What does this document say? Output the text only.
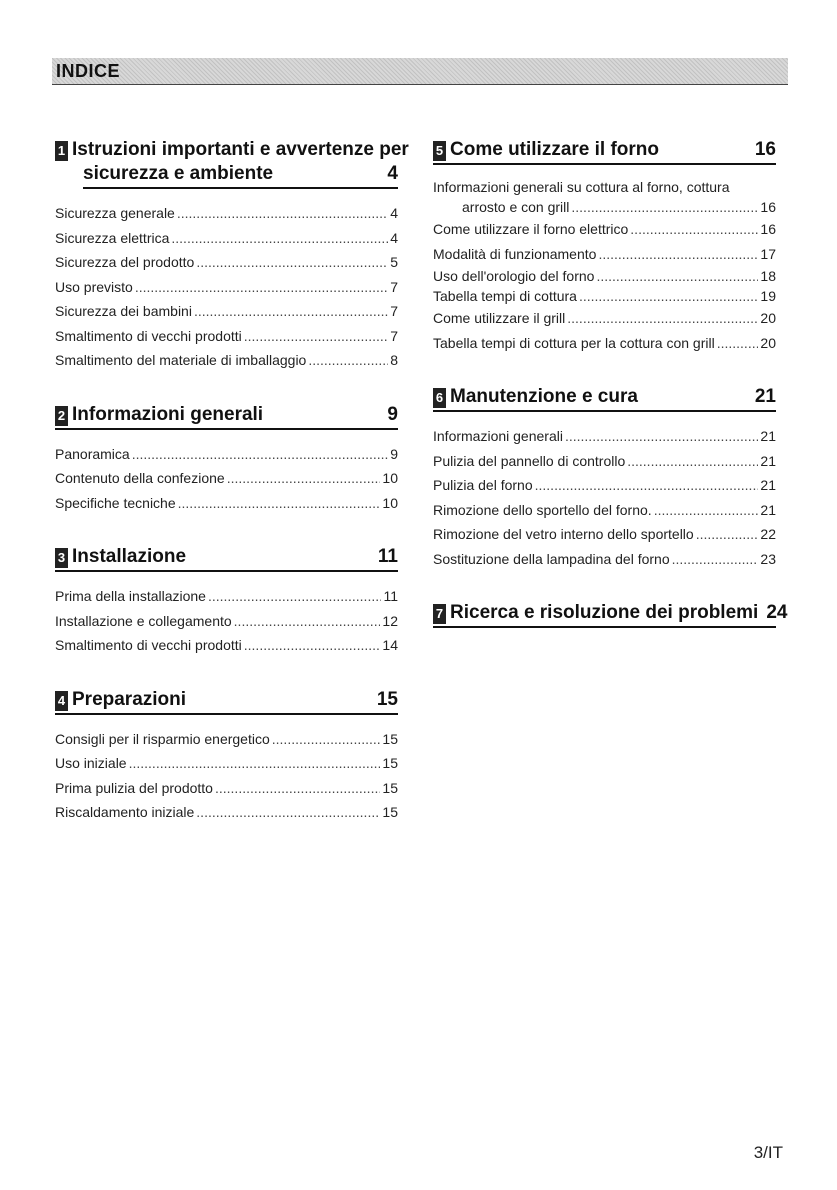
INDICE
1 Istruzioni importanti e avvertenze per
sicurezza e ambiente	4
Sicurezza generale .....	4
Sicurezza elettrica .....	4
Sicurezza del prodotto .....	5
Uso previsto .....	7
Sicurezza dei bambini .....	7
Smaltimento di vecchi prodotti .....	7
Smaltimento del materiale di imballaggio .....	8
2 Informazioni generali	9
Panoramica .....	9
Contenuto della confezione .....	10
Specifiche tecniche .....	10
3 Installazione	11
Prima della installazione .....	11
Installazione e collegamento .....	12
Smaltimento di vecchi prodotti .....	14
4 Preparazioni	15
Consigli per il risparmio energetico .....	15
Uso iniziale .....	15
Prima pulizia del prodotto .....	15
Riscaldamento iniziale .....	15
5 Come utilizzare il forno	16
Informazioni generali su cottura al forno, cottura
arrosto e con grill .....	16
Come utilizzare il forno elettrico .....	16
Modalità di funzionamento .....	17
Uso dell'orologio del forno .....	18
Tabella tempi di cottura .....	19
Come utilizzare il grill .....	20
Tabella tempi di cottura per la cottura con grill .....	20
6 Manutenzione e cura	21
Informazioni generali .....	21
Pulizia del pannello di controllo .....	21
Pulizia del forno .....	21
Rimozione dello sportello del forno. .....	21
Rimozione del vetro interno dello sportello .....	22
Sostituzione della lampadina del forno .....	23
7 Ricerca e risoluzione dei problemi 24
3/IT
